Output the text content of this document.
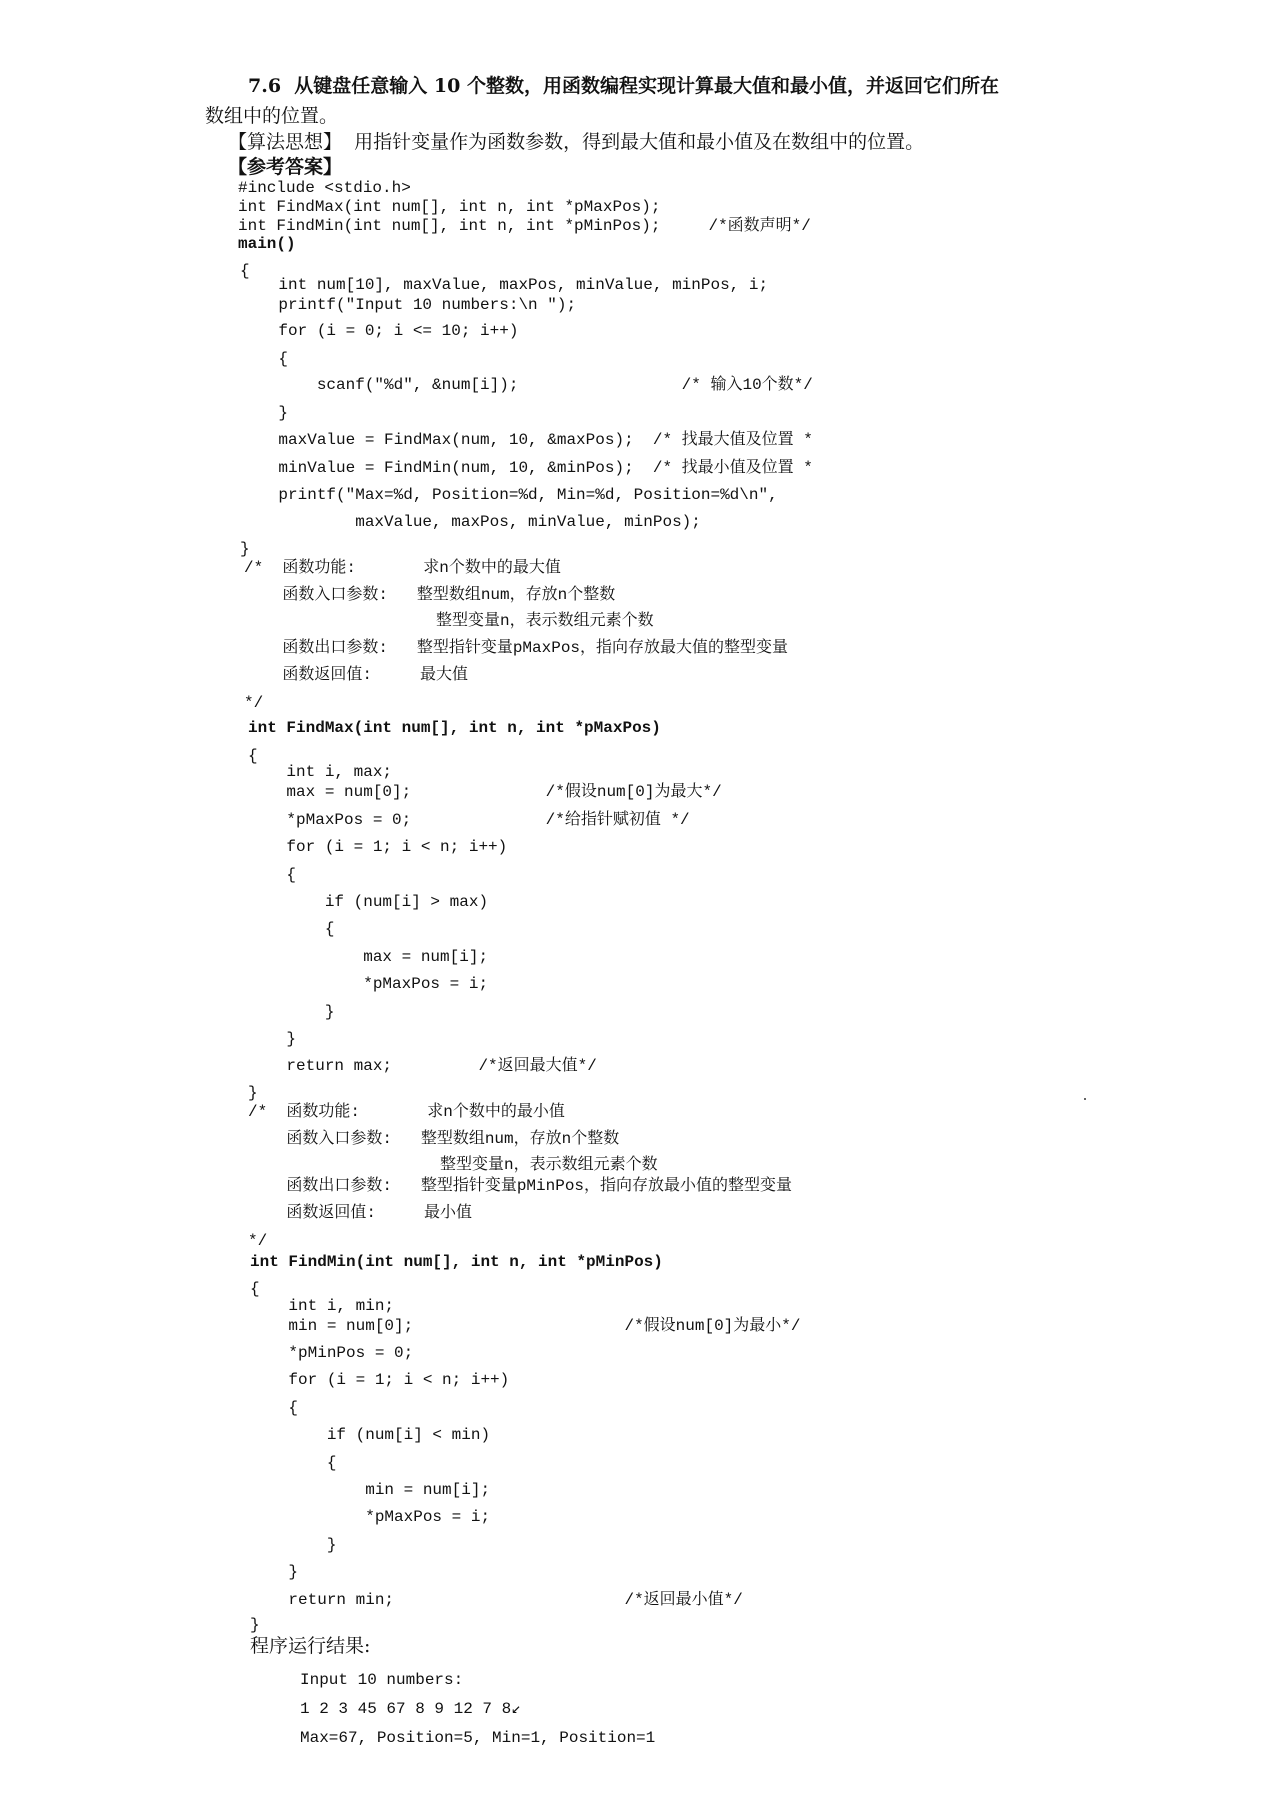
7.6  从键盘任意输入 10 个整数，用函数编程实现计算最大值和最小值，并返回它们所在
数组中的位置。
【算法思想】  用指针变量作为函数参数，得到最大值和最小值及在数组中的位置。
【参考答案】
#include <stdio.h>
int FindMax(int num[], int n, int *pMaxPos);
int FindMin(int num[], int n, int *pMinPos);     /*函数声明*/
main()
{
int num[10], maxValue, maxPos, minValue, minPos, i;
printf("Input 10 numbers:\n ");
for (i = 0; i <= 10; i++)
{
scanf("%d", &num[i]);                 /* 输入10个数*/
}
maxValue = FindMax(num, 10, &maxPos);  /* 找最大值及位置 *
minValue = FindMin(num, 10, &minPos);  /* 找最小值及位置 *
printf("Max=%d, Position=%d, Min=%d, Position=%d\n",
maxValue, maxPos, minValue, minPos);
}
/*  函数功能:       求n个数中的最大值
函数入口参数:   整型数组num，存放n个整数
整型变量n，表示数组元素个数
函数出口参数:   整型指针变量pMaxPos，指向存放最大值的整型变量
函数返回值:     最大值
*/
int FindMax(int num[], int n, int *pMaxPos)
{
int i, max;
max = num[0];              /*假设num[0]为最大*/
*pMaxPos = 0;              /*给指针赋初值 */
for (i = 1; i < n; i++)
{
if (num[i] > max)
{
max = num[i];
*pMaxPos = i;
}
}
return max;         /*返回最大值*/
}
/*  函数功能:       求n个数中的最小值
函数入口参数:   整型数组num，存放n个整数
整型变量n，表示数组元素个数
函数出口参数:   整型指针变量pMinPos，指向存放最小值的整型变量
函数返回值:     最小值
*/
int FindMin(int num[], int n, int *pMinPos)
{
int i, min;
min = num[0];                      /*假设num[0]为最小*/
*pMinPos = 0;
for (i = 1; i < n; i++)
{
if (num[i] < min)
{
min = num[i];
*pMaxPos = i;
}
}
return min;                        /*返回最小值*/
}
程序运行结果:
Input 10 numbers:
1 2 3 45 67 8 9 12 7 8↙
Max=67, Position=5, Min=1, Position=1
